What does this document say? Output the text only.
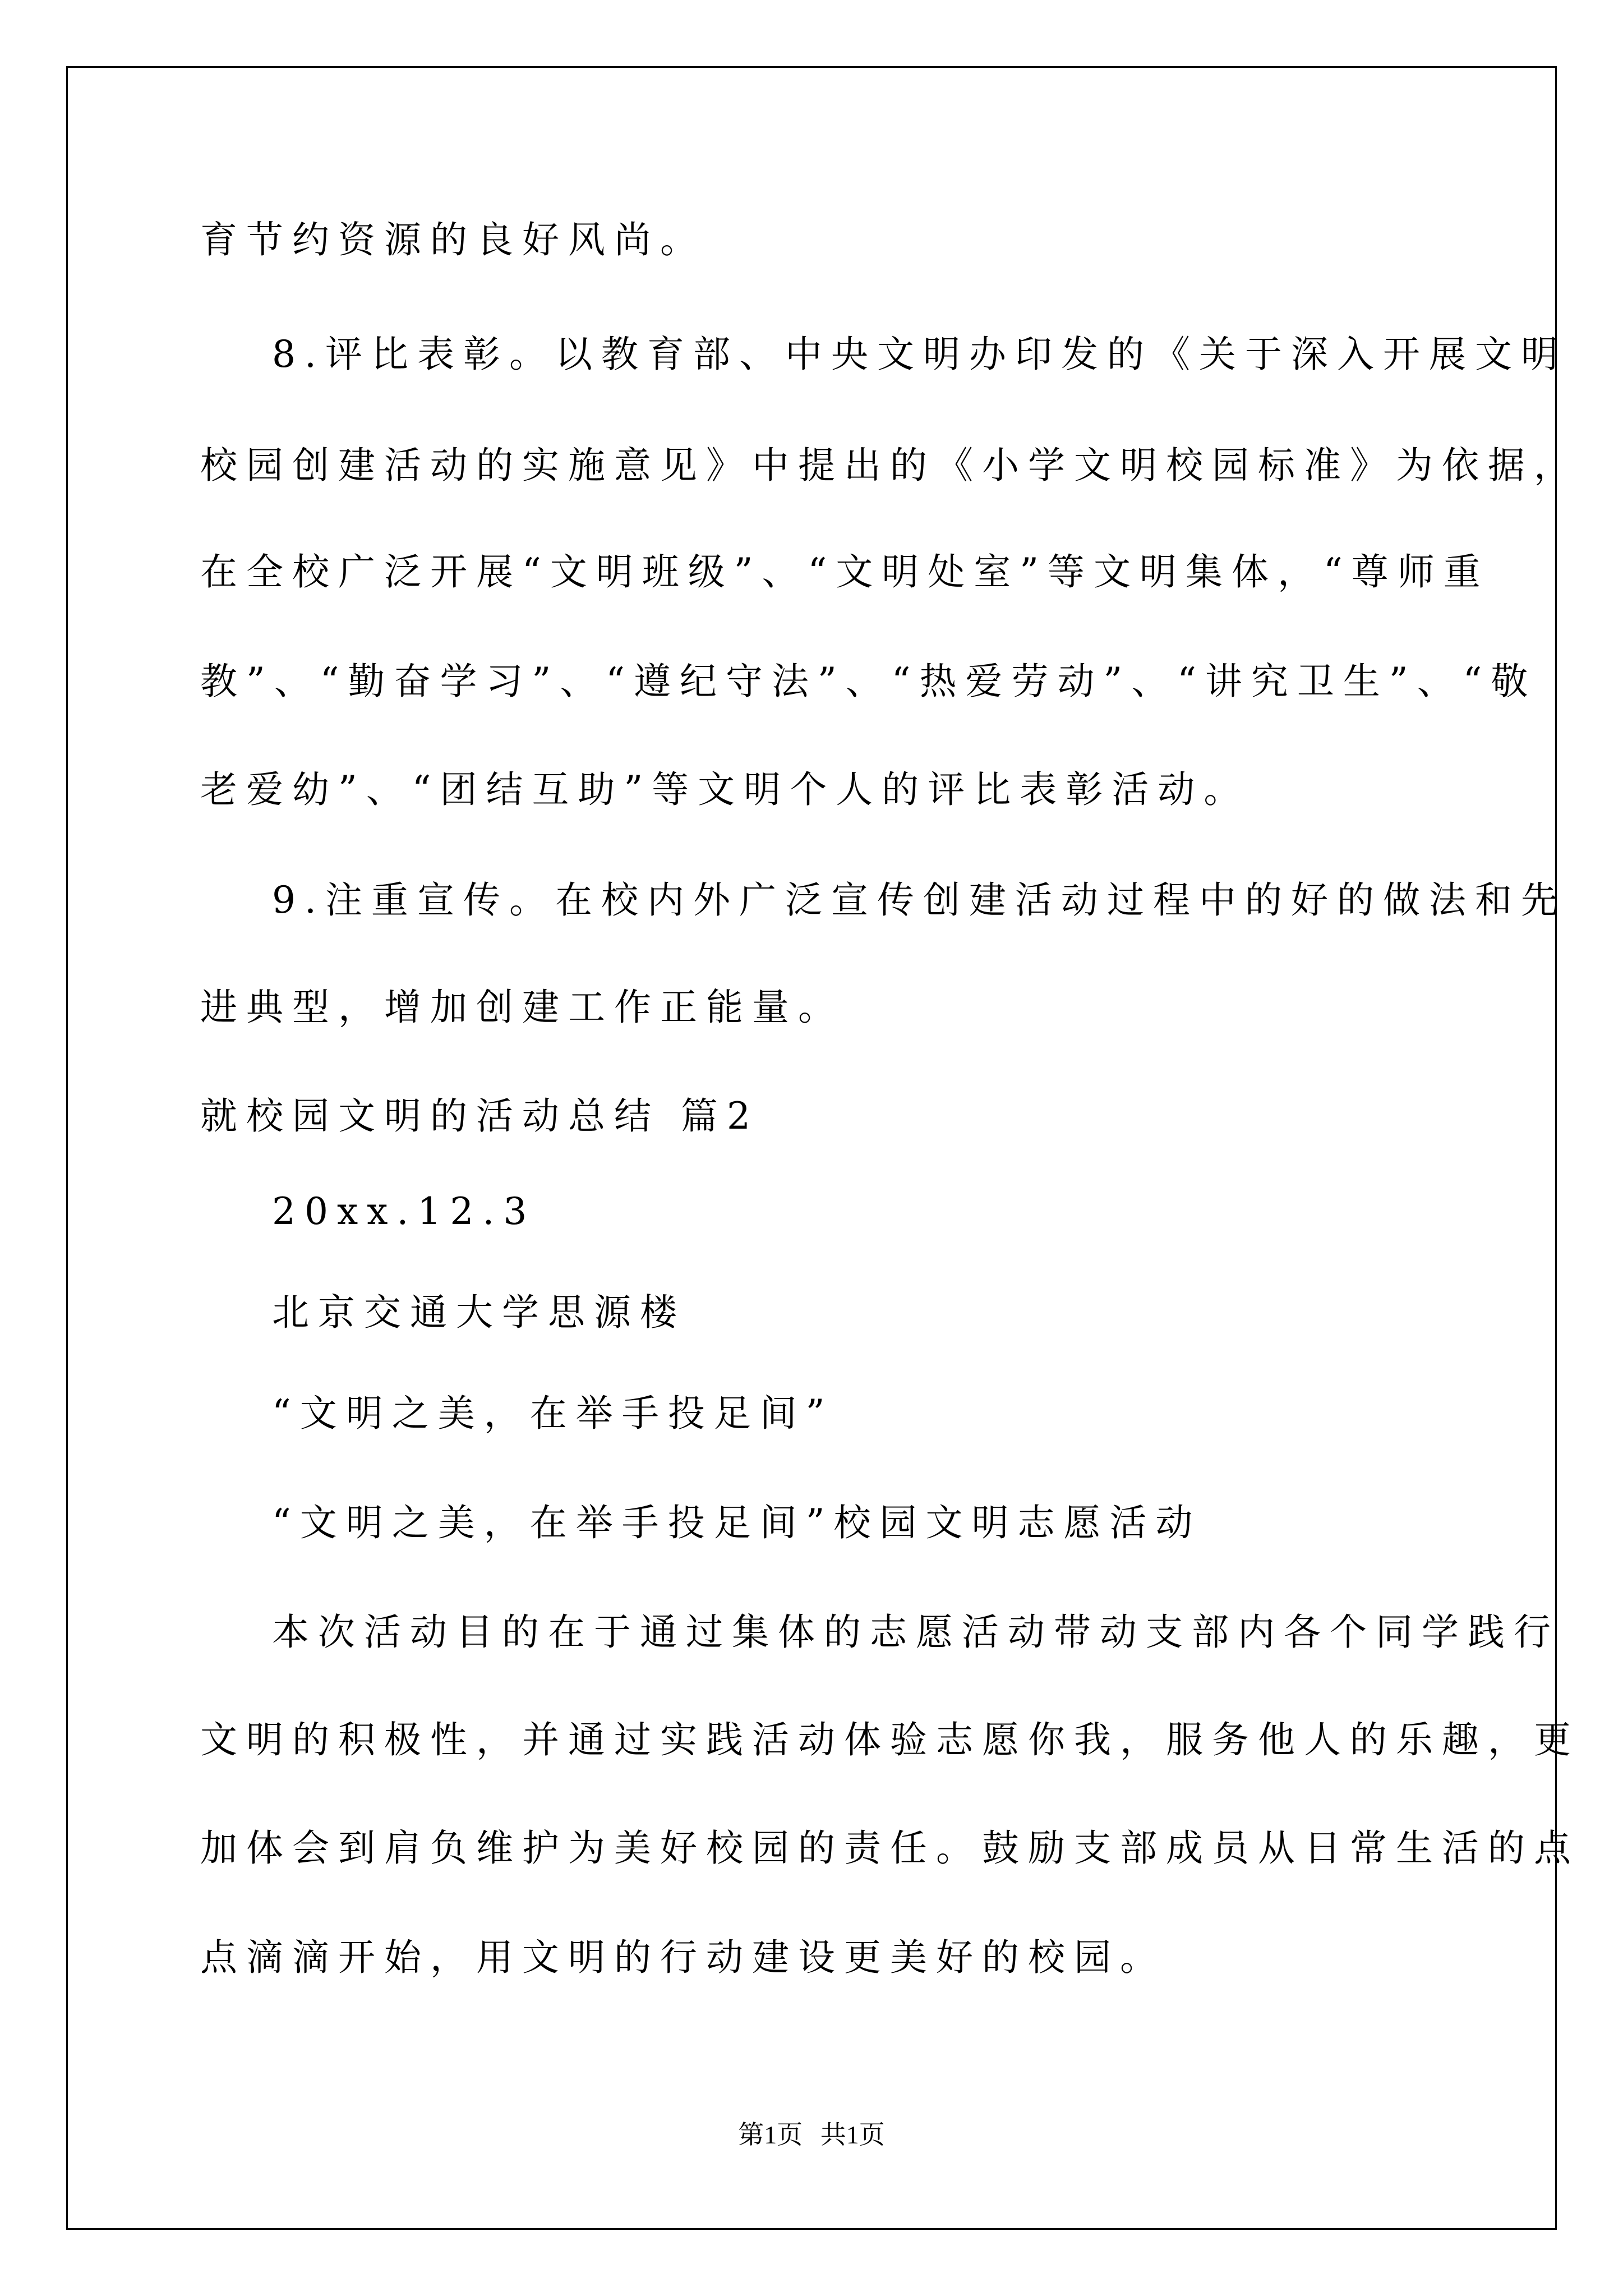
育节约资源的良好风尚。
8.评比表彰。以教育部、中央文明办印发的《关于深入开展文明
校园创建活动的实施意见》中提出的《小学文明校园标准》为依据，
在全校广泛开展“文明班级”、“文明处室”等文明集体，“尊师重
教”、“勤奋学习”、“遵纪守法”、“热爱劳动”、“讲究卫生”、“敬
老爱幼”、“团结互助”等文明个人的评比表彰活动。
9.注重宣传。在校内外广泛宣传创建活动过程中的好的做法和先
进典型，增加创建工作正能量。
就校园文明的活动总结 篇2
20xx.12.3
北京交通大学思源楼
“文明之美，在举手投足间”
“文明之美，在举手投足间”校园文明志愿活动
本次活动目的在于通过集体的志愿活动带动支部内各个同学践行
文明的积极性，并通过实践活动体验志愿你我，服务他人的乐趣，更
加体会到肩负维护为美好校园的责任。鼓励支部成员从日常生活的点
点滴滴开始，用文明的行动建设更美好的校园。
第1页 共1页
